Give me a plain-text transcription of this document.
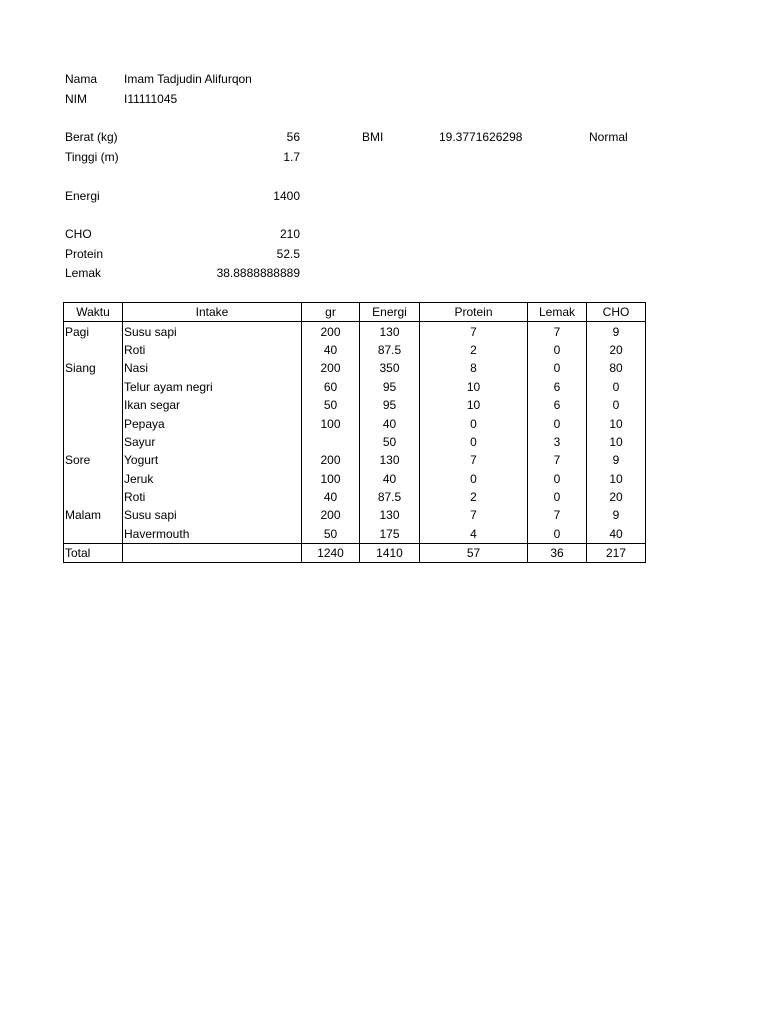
Nama Imam Tadjudin Alifurqon
NIM	I11111045
Berat (kg)	56	BMI	19.3771626298	Normal
Tinggi (m)	1.7
Energi	1400
CHO	210
Protein	52.5
Lemak	38.8888888889
Waktu	Intake	gr	Energi	Protein	Lemak	CHO
Pagi	Susu sapi	200	130	7	7	9
	Roti	40	87.5	2	0	20
Siang	Nasi	200	350	8	0	80
	Telur ayam negri	60	95	10	6	0
	Ikan segar	50	95	10	6	0
	Pepaya	100	40	0	0	10
	Sayur		50	0	3	10
Sore	Yogurt	200	130	7	7	9
	Jeruk	100	40	0	0	10
	Roti	40	87.5	2	0	20
Malam	Susu sapi	200	130	7	7	9
	Havermouth	50	175	4	0	40
Total		1240	1410	57	36	217
